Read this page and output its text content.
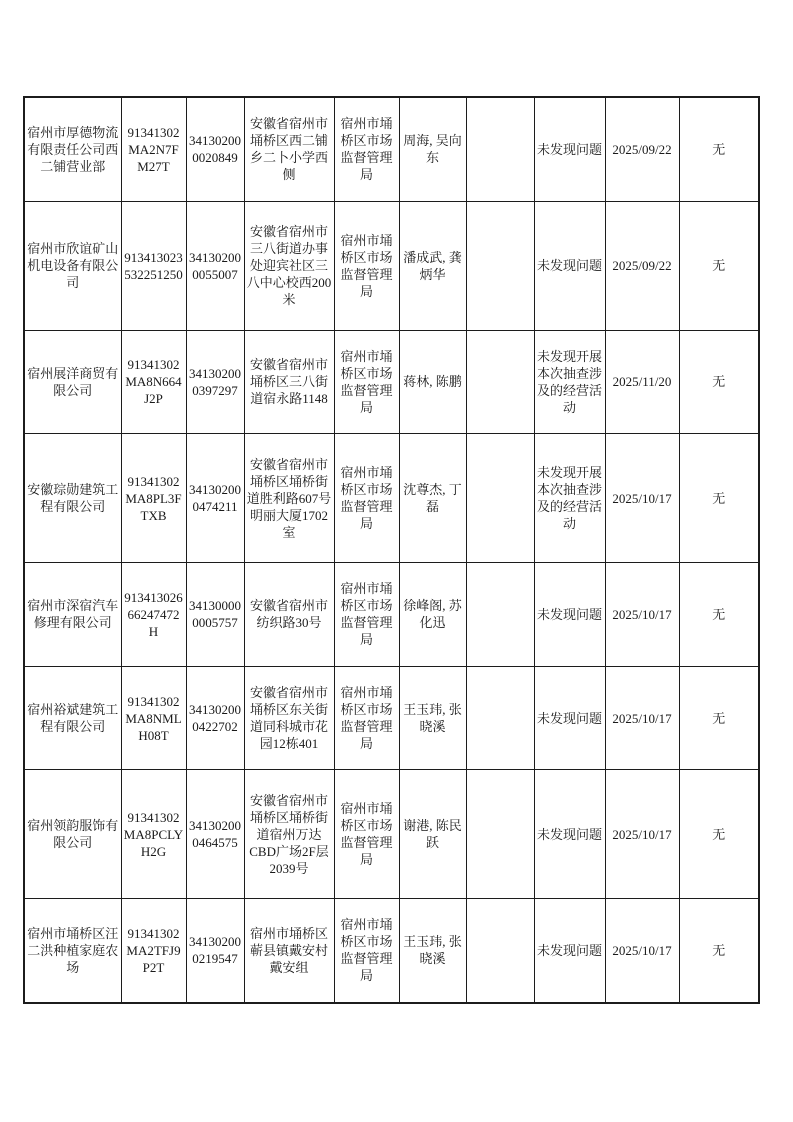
宿州市厚德物流有限责任公司西二铺营业部	91341302MA2N7FM27T	341302000020849	安徽省宿州市埇桥区西二铺乡二卜小学西侧	宿州市埇桥区市场监督管理局	周海, 吴向东		未发现问题	2025/09/22	无
宿州市欣谊矿山机电设备有限公司	913413023532251250	341302000055007	安徽省宿州市三八街道办事处迎宾社区三八中心校西200米	宿州市埇桥区市场监督管理局	潘成武, 龚炳华		未发现问题	2025/09/22	无
宿州展洋商贸有限公司	91341302MA8N664J2P	341302000397297	安徽省宿州市埇桥区三八街道宿永路1148	宿州市埇桥区市场监督管理局	蒋林, 陈鹏		未发现开展本次抽查涉及的经营活动	2025/11/20	无
安徽琮勋建筑工程有限公司	91341302MA8PL3FTXB	341302000474211	安徽省宿州市埇桥区埇桥街道胜利路607号明丽大厦1702室	宿州市埇桥区市场监督管理局	沈尊杰, 丁磊		未发现开展本次抽查涉及的经营活动	2025/10/17	无
宿州市深宿汽车修理有限公司	91341302666247472H	341300000005757	安徽省宿州市纺织路30号	宿州市埇桥区市场监督管理局	徐峰阁, 苏化迅		未发现问题	2025/10/17	无
宿州裕斌建筑工程有限公司	91341302MA8NMLH08T	341302000422702	安徽省宿州市埇桥区东关街道同科城市花园12栋401	宿州市埇桥区市场监督管理局	王玉玮, 张晓溪		未发现问题	2025/10/17	无
宿州领韵服饰有限公司	91341302MA8PCLYH2G	341302000464575	安徽省宿州市埇桥区埇桥街道宿州万达CBD广场2F层2039号	宿州市埇桥区市场监督管理局	谢港, 陈民跃		未发现问题	2025/10/17	无
宿州市埇桥区汪二洪种植家庭农场	91341302MA2TFJ9P2T	341302000219547	宿州市埇桥区蕲县镇戴安村戴安组	宿州市埇桥区市场监督管理局	王玉玮, 张晓溪		未发现问题	2025/10/17	无
